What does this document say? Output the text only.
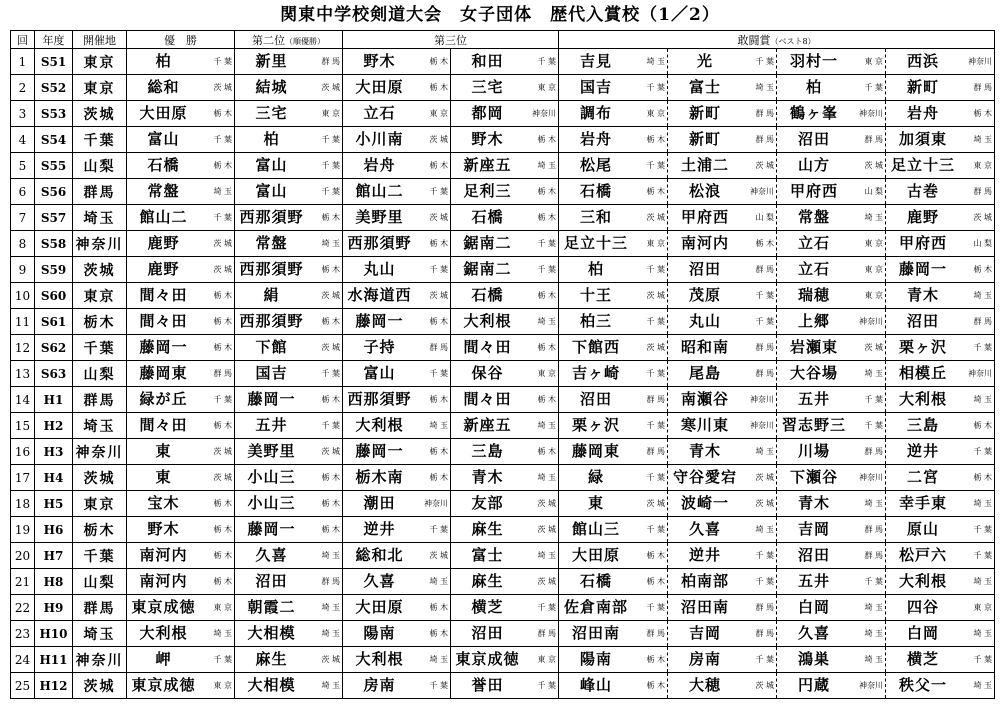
関東中学校剣道大会　女子団体　歴代入賞校（1／2）
回	年度	開催地	優　勝	第二位（順優勝）	第三位		敢闘賞（ベスト8）			
1	S51	東京	柏 千 葉	新里 群 馬	野木 栃 木	和田 千 葉	吉見 埼 玉	光 千 葉	羽村一 東 京	西浜 神奈川

2	S52	東京	総和 茨 城	結城 茨 城	大田原 栃 木	三宅 東 京	国吉 千 葉	富士 埼 玉	柏 千 葉	新町 群 馬

3	S53	茨城	大田原 栃 木	三宅 東 京	立石 東 京	都岡 神奈川	調布 東 京	新町 群 馬	鶴ヶ峯 神奈川	岩舟 栃 木

4	S54	千葉	富山 千 葉	柏 千 葉	小川南 茨 城	野木 栃 木	岩舟 栃 木	新町 群 馬	沼田 群 馬	加須東 埼 玉

5	S55	山梨	石橋 栃 木	富山 千 葉	岩舟 栃 木	新座五 埼 玉	松尾 千 葉	土浦二 茨 城	山方 茨 城	足立十三 東 京

6	S56	群馬	常盤 埼 玉	富山 千 葉	館山二 千 葉	足利三 栃 木	石橋 栃 木	松浪 神奈川	甲府西 山 梨	古巻 群 馬

7	S57	埼玉	館山二 千 葉	西那須野 栃 木	美野里 茨 城	石橋 栃 木	三和 茨 城	甲府西 山 梨	常盤 埼 玉	鹿野 茨 城

8	S58	神奈川	鹿野 茨 城	常盤 埼 玉	西那須野 栃 木	鋸南二 千 葉	足立十三 東 京	南河内 栃 木	立石 東 京	甲府西 山 梨

9	S59	茨城	鹿野 茨 城	西那須野 栃 木	丸山 千 葉	鋸南二 千 葉	柏 千 葉	沼田 群 馬	立石 東 京	藤岡一 栃 木

10	S60	東京	間々田 栃 木	絹 茨 城	水海道西 茨 城	石橋 栃 木	十王 茨 城	茂原 千 葉	瑞穂 東 京	青木 埼 玉

11	S61	栃木	間々田 栃 木	西那須野 栃 木	藤岡一 栃 木	大利根 埼 玉	柏三 千 葉	丸山 千 葉	上郷 神奈川	沼田 群 馬

12	S62	千葉	藤岡一 栃 木	下館 茨 城	子持 群 馬	間々田 栃 木	下館西 茨 城	昭和南 群 馬	岩瀬東 茨 城	栗ヶ沢 千 葉

13	S63	山梨	藤岡東 群 馬	国吉 千 葉	富山 千 葉	保谷 東 京	吉ヶ崎 千 葉	尾島 群 馬	大谷場 埼 玉	相模丘 神奈川

14	H1	群馬	緑が丘 千 葉	藤岡一 栃 木	西那須野 栃 木	間々田 栃 木	沼田 群 馬	南瀬谷 神奈川	五井 千 葉	大利根 埼 玉

15	H2	埼玉	間々田 栃 木	五井 千 葉	大利根 埼 玉	新座五 埼 玉	栗ヶ沢 千 葉	寒川東 神奈川	習志野三 千 葉	三島 栃 木

16	H3	神奈川	東 茨 城	美野里 茨 城	藤岡一 栃 木	三島 栃 木	藤岡東 群 馬	青木 埼 玉	川場 群 馬	逆井 千 葉

17	H4	茨城	東 茨 城	小山三 栃 木	栃木南 栃 木	青木 埼 玉	緑 千 葉	守谷愛宕 茨 城	下瀬谷 神奈川	二宮 栃 木

18	H5	東京	宝木 栃 木	小山三 栃 木	潮田 神奈川	友部 茨 城	東 茨 城	波崎一 茨 城	青木 埼 玉	幸手東 埼 玉

19	H6	栃木	野木 栃 木	藤岡一 栃 木	逆井 千 葉	麻生 茨 城	館山三 千 葉	久喜 埼 玉	吉岡 群 馬	原山 千 葉

20	H7	千葉	南河内 栃 木	久喜 埼 玉	総和北 茨 城	富士 埼 玉	大田原 栃 木	逆井 千 葉	沼田 群 馬	松戸六 千 葉

21	H8	山梨	南河内 栃 木	沼田 群 馬	久喜 埼 玉	麻生 茨 城	石橋 栃 木	柏南部 千 葉	五井 千 葉	大利根 埼 玉

22	H9	群馬	東京成徳 東 京	朝霞二 埼 玉	大田原 栃 木	横芝 千 葉	佐倉南部 千 葉	沼田南 群 馬	白岡 埼 玉	四谷 東 京

23	H10	埼玉	大利根 埼 玉	大相模 埼 玉	陽南 栃 木	沼田 群 馬	沼田南 群 馬	吉岡 群 馬	久喜 埼 玉	白岡 埼 玉

24	H11	神奈川	岬 千 葉	麻生 茨 城	大利根 埼 玉	東京成徳 東 京	陽南 栃 木	房南 千 葉	鴻巣 埼 玉	横芝 千 葉

25	H12	茨城	東京成徳 東 京	大相模 埼 玉	房南 千 葉	誉田 千 葉	峰山 栃 木	大穂 茨 城	円蔵 神奈川	秩父一 埼 玉
